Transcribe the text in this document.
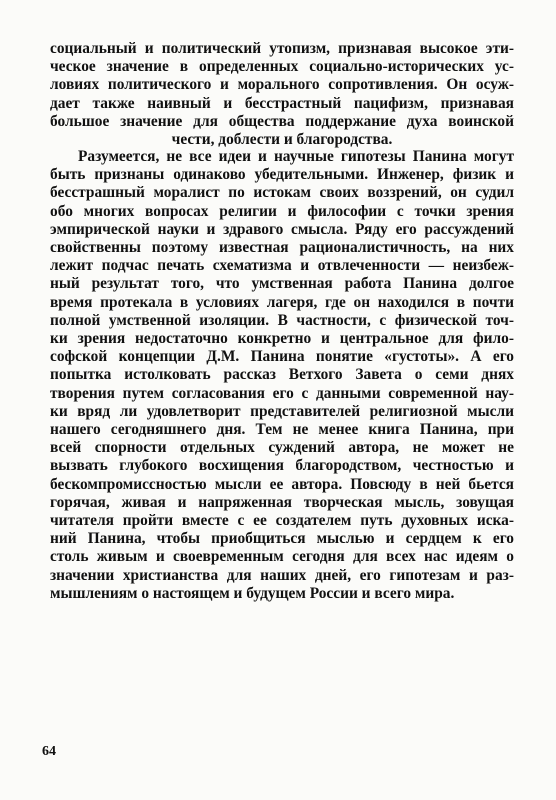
социальный и политический утопизм, признавая высокое эти-
ческое значение в определенных социально-исторических ус-
ловиях политического и морального сопротивления. Он осуж-
дает также наивный и бесстрастный пацифизм, признавая
большое значение для общества поддержание духа воинской
чести, доблести и благородства.
Разумеется, не все идеи и научные гипотезы Панина могут
быть признаны одинаково убедительными. Инженер, физик и
бесстрашный моралист по истокам своих воззрений, он судил
обо многих вопросах религии и философии с точки зрения
эмпирической науки и здравого смысла. Ряду его рассуждений
свойственны поэтому известная рационалистичность, на них
лежит подчас печать схематизма и отвлеченности — неизбеж-
ный результат того, что умственная работа Панина долгое
время протекала в условиях лагеря, где он находился в почти
полной умственной изоляции. В частности, с физической точ-
ки зрения недостаточно конкретно и центральное для фило-
софской концепции Д.М. Панина понятие «густоты». А его
попытка истолковать рассказ Ветхого Завета о семи днях
творения путем согласования его с данными современной нау-
ки вряд ли удовлетворит представителей религиозной мысли
нашего сегодняшнего дня. Тем не менее книга Панина, при
всей спорности отдельных суждений автора, не может не
вызвать глубокого восхищения благородством, честностью и
бескомпромиссностью мысли ее автора. Повсюду в ней бьется
горячая, живая и напряженная творческая мысль, зовущая
читателя пройти вместе с ее создателем путь духовных иска-
ний Панина, чтобы приобщиться мыслью и сердцем к его
столь живым и своевременным сегодня для всех нас идеям о
значении христианства для наших дней, его гипотезам и раз-
мышлениям о настоящем и будущем России и всего мира.
64
